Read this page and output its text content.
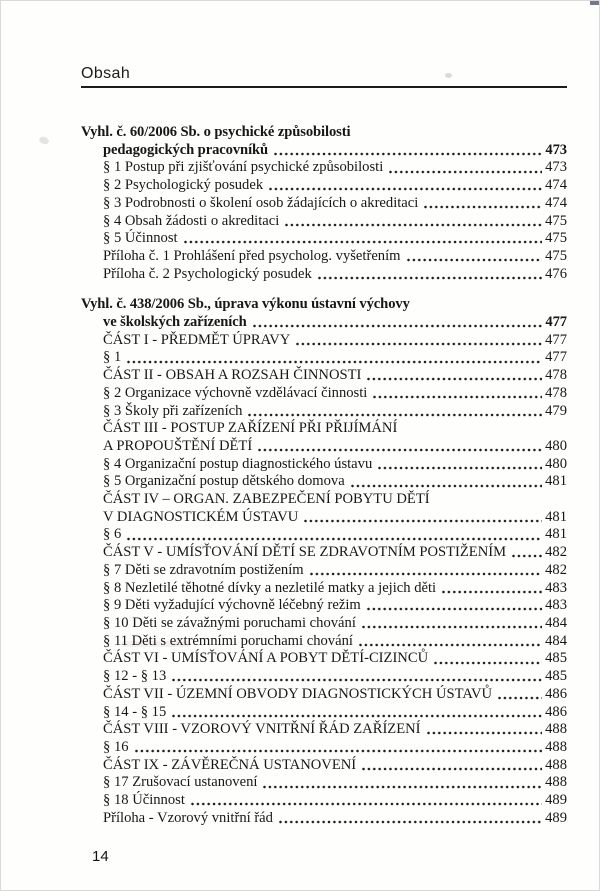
Obsah
Vyhl. č. 60/2006 Sb. o psychické způsobilosti
pedagogických pracovníků	473
§ 1 Postup při zjišťování psychické způsobilosti	473
§ 2 Psychologický posudek	474
§ 3 Podrobnosti o školení osob žádajících o akreditaci	474
§ 4 Obsah žádosti o akreditaci	475
§ 5 Účinnost	475
Příloha č. 1 Prohlášení před psycholog. vyšetřením	475
Příloha č. 2 Psychologický posudek	476
Vyhl. č. 438/2006 Sb., úprava výkonu ústavní výchovy
ve školských zařízeních	477
ČÁST I - PŘEDMĚT ÚPRAVY	477
§ 1	477
ČÁST II - OBSAH A ROZSAH ČINNOSTI	478
§ 2 Organizace výchovně vzdělávací činnosti	478
§ 3 Školy při zařízeních	479
ČÁST III - POSTUP ZAŘÍZENÍ PŘI PŘIJÍMÁNÍ
A PROPOUŠTĚNÍ DĚTÍ	480
§ 4 Organizační postup diagnostického ústavu	480
§ 5 Organizační postup dětského domova	481
ČÁST IV – ORGAN. ZABEZPEČENÍ POBYTU DĚTÍ
V DIAGNOSTICKÉM ÚSTAVU	481
§ 6	481
ČÁST V - UMÍSŤOVÁNÍ DĚTÍ SE ZDRAVOTNÍM POSTIŽENÍM	482
§ 7 Děti se zdravotním postižením	482
§ 8 Nezletilé těhotné dívky a nezletilé matky a jejich děti	483
§ 9 Děti vyžadující výchovně léčebný režim	483
§ 10 Děti se závažnými poruchami chování	484
§ 11 Děti s extrémními poruchami chování	484
ČÁST VI - UMÍSŤOVÁNÍ A POBYT DĚTÍ-CIZINCŮ	485
§ 12 - § 13	485
ČÁST VII - ÚZEMNÍ OBVODY DIAGNOSTICKÝCH ÚSTAVŮ	486
§ 14 - § 15	486
ČÁST VIII - VZOROVÝ VNITŘNÍ ŘÁD ZAŘÍZENÍ	488
§ 16	488
ČÁST IX - ZÁVĚREČNÁ USTANOVENÍ	488
§ 17 Zrušovací ustanovení	488
§ 18 Účinnost	489
Příloha - Vzorový vnitřní řád	489
14
